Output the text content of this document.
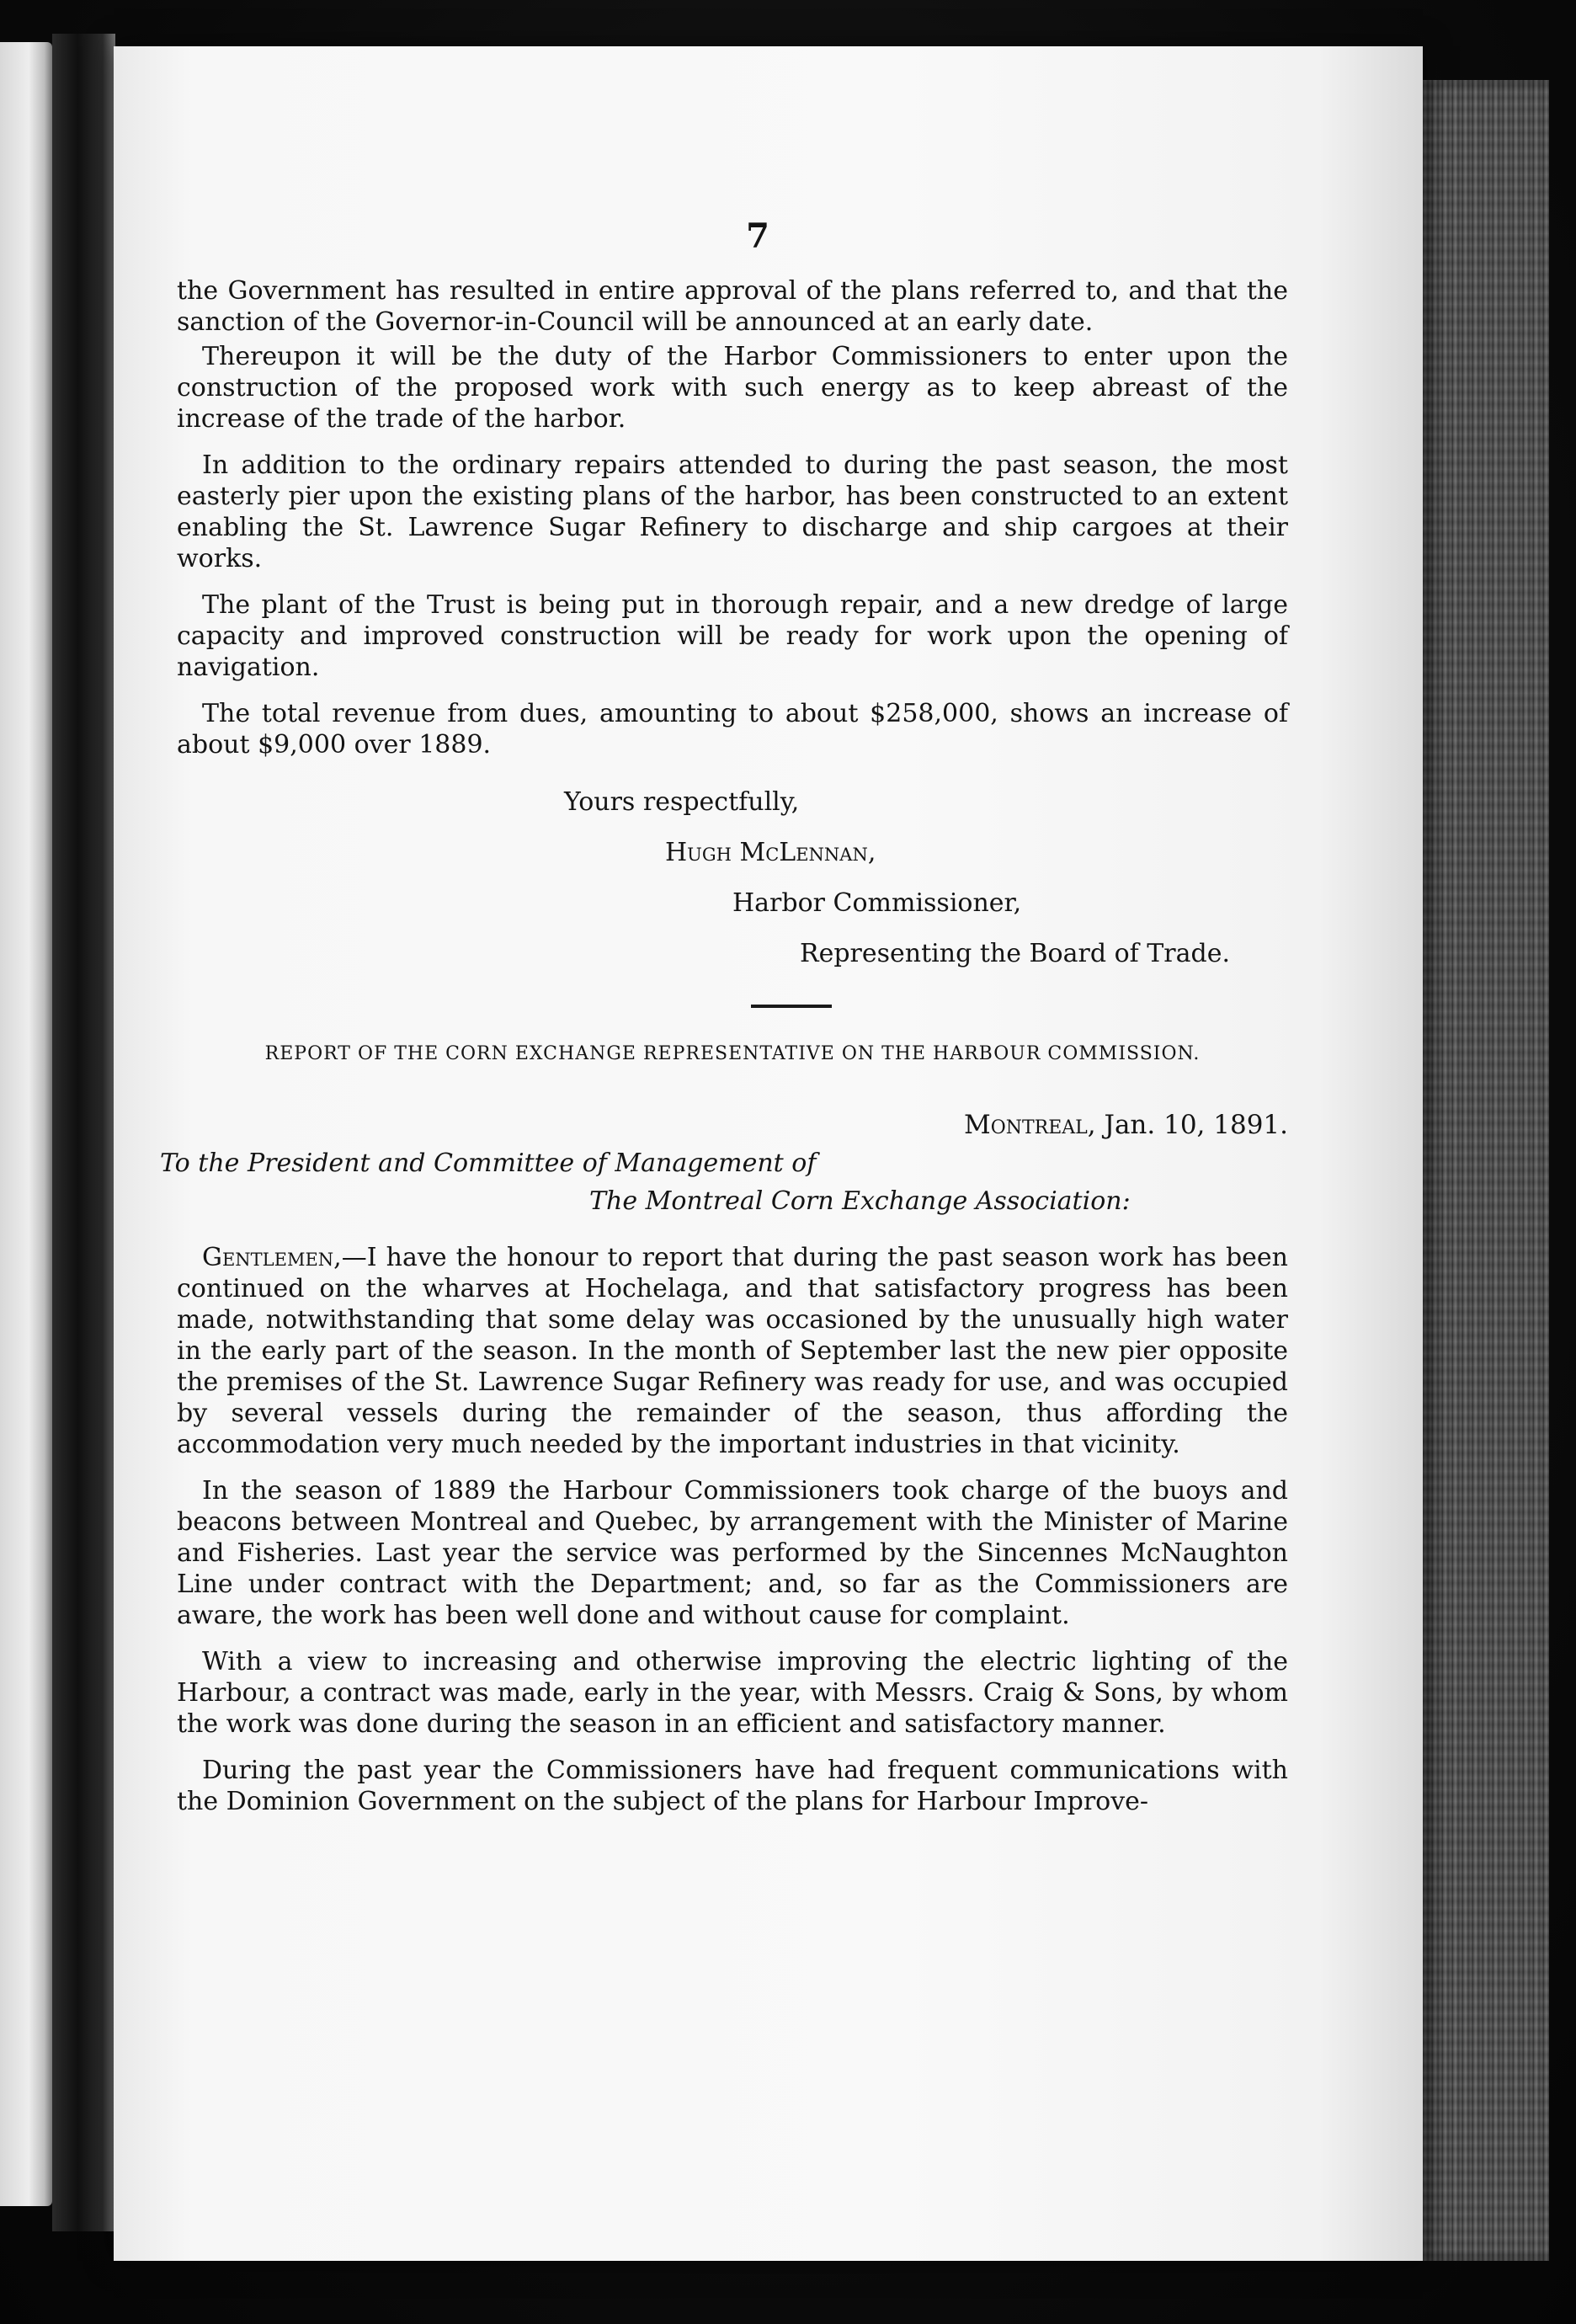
7

the Government has resulted in entire approval of the plans referred to, and that the sanction of the Governor-in-Council will be announced at an early date.

Thereupon it will be the duty of the Harbor Commissioners to enter upon the construction of the proposed work with such energy as to keep abreast of the increase of the trade of the harbor.

In addition to the ordinary repairs attended to during the past season, the most easterly pier upon the existing plans of the harbor, has been constructed to an extent enabling the St. Lawrence Sugar Refinery to discharge and ship cargoes at their works.

The plant of the Trust is being put in thorough repair, and a new dredge of large capacity and improved construction will be ready for work upon the opening of navigation.

The total revenue from dues, amounting to about $258,000, shows an increase of about $9,000 over 1889.

Yours respectfully,
Hugh McLennan,
Harbor Commissioner,
Representing the Board of Trade.
REPORT OF THE CORN EXCHANGE REPRESENTATIVE ON THE HARBOUR COMMISSION.
Montreal, Jan. 10, 1891.
To the President and Committee of Management of
The Montreal Corn Exchange Association:

Gentlemen,—I have the honour to report that during the past season work has been continued on the wharves at Hochelaga, and that satisfactory progress has been made, notwithstanding that some delay was occasioned by the unusually high water in the early part of the season. In the month of September last the new pier opposite the premises of the St. Lawrence Sugar Refinery was ready for use, and was occupied by several vessels during the remainder of the season, thus affording the accommodation very much needed by the important industries in that vicinity.

In the season of 1889 the Harbour Commissioners took charge of the buoys and beacons between Montreal and Quebec, by arrangement with the Minister of Marine and Fisheries. Last year the service was performed by the Sincennes McNaughton Line under contract with the Department; and, so far as the Commissioners are aware, the work has been well done and without cause for complaint.

With a view to increasing and otherwise improving the electric lighting of the Harbour, a contract was made, early in the year, with Messrs. Craig & Sons, by whom the work was done during the season in an efficient and satisfactory manner.

During the past year the Commissioners have had frequent communications with the Dominion Government on the subject of the plans for Harbour Improve-
